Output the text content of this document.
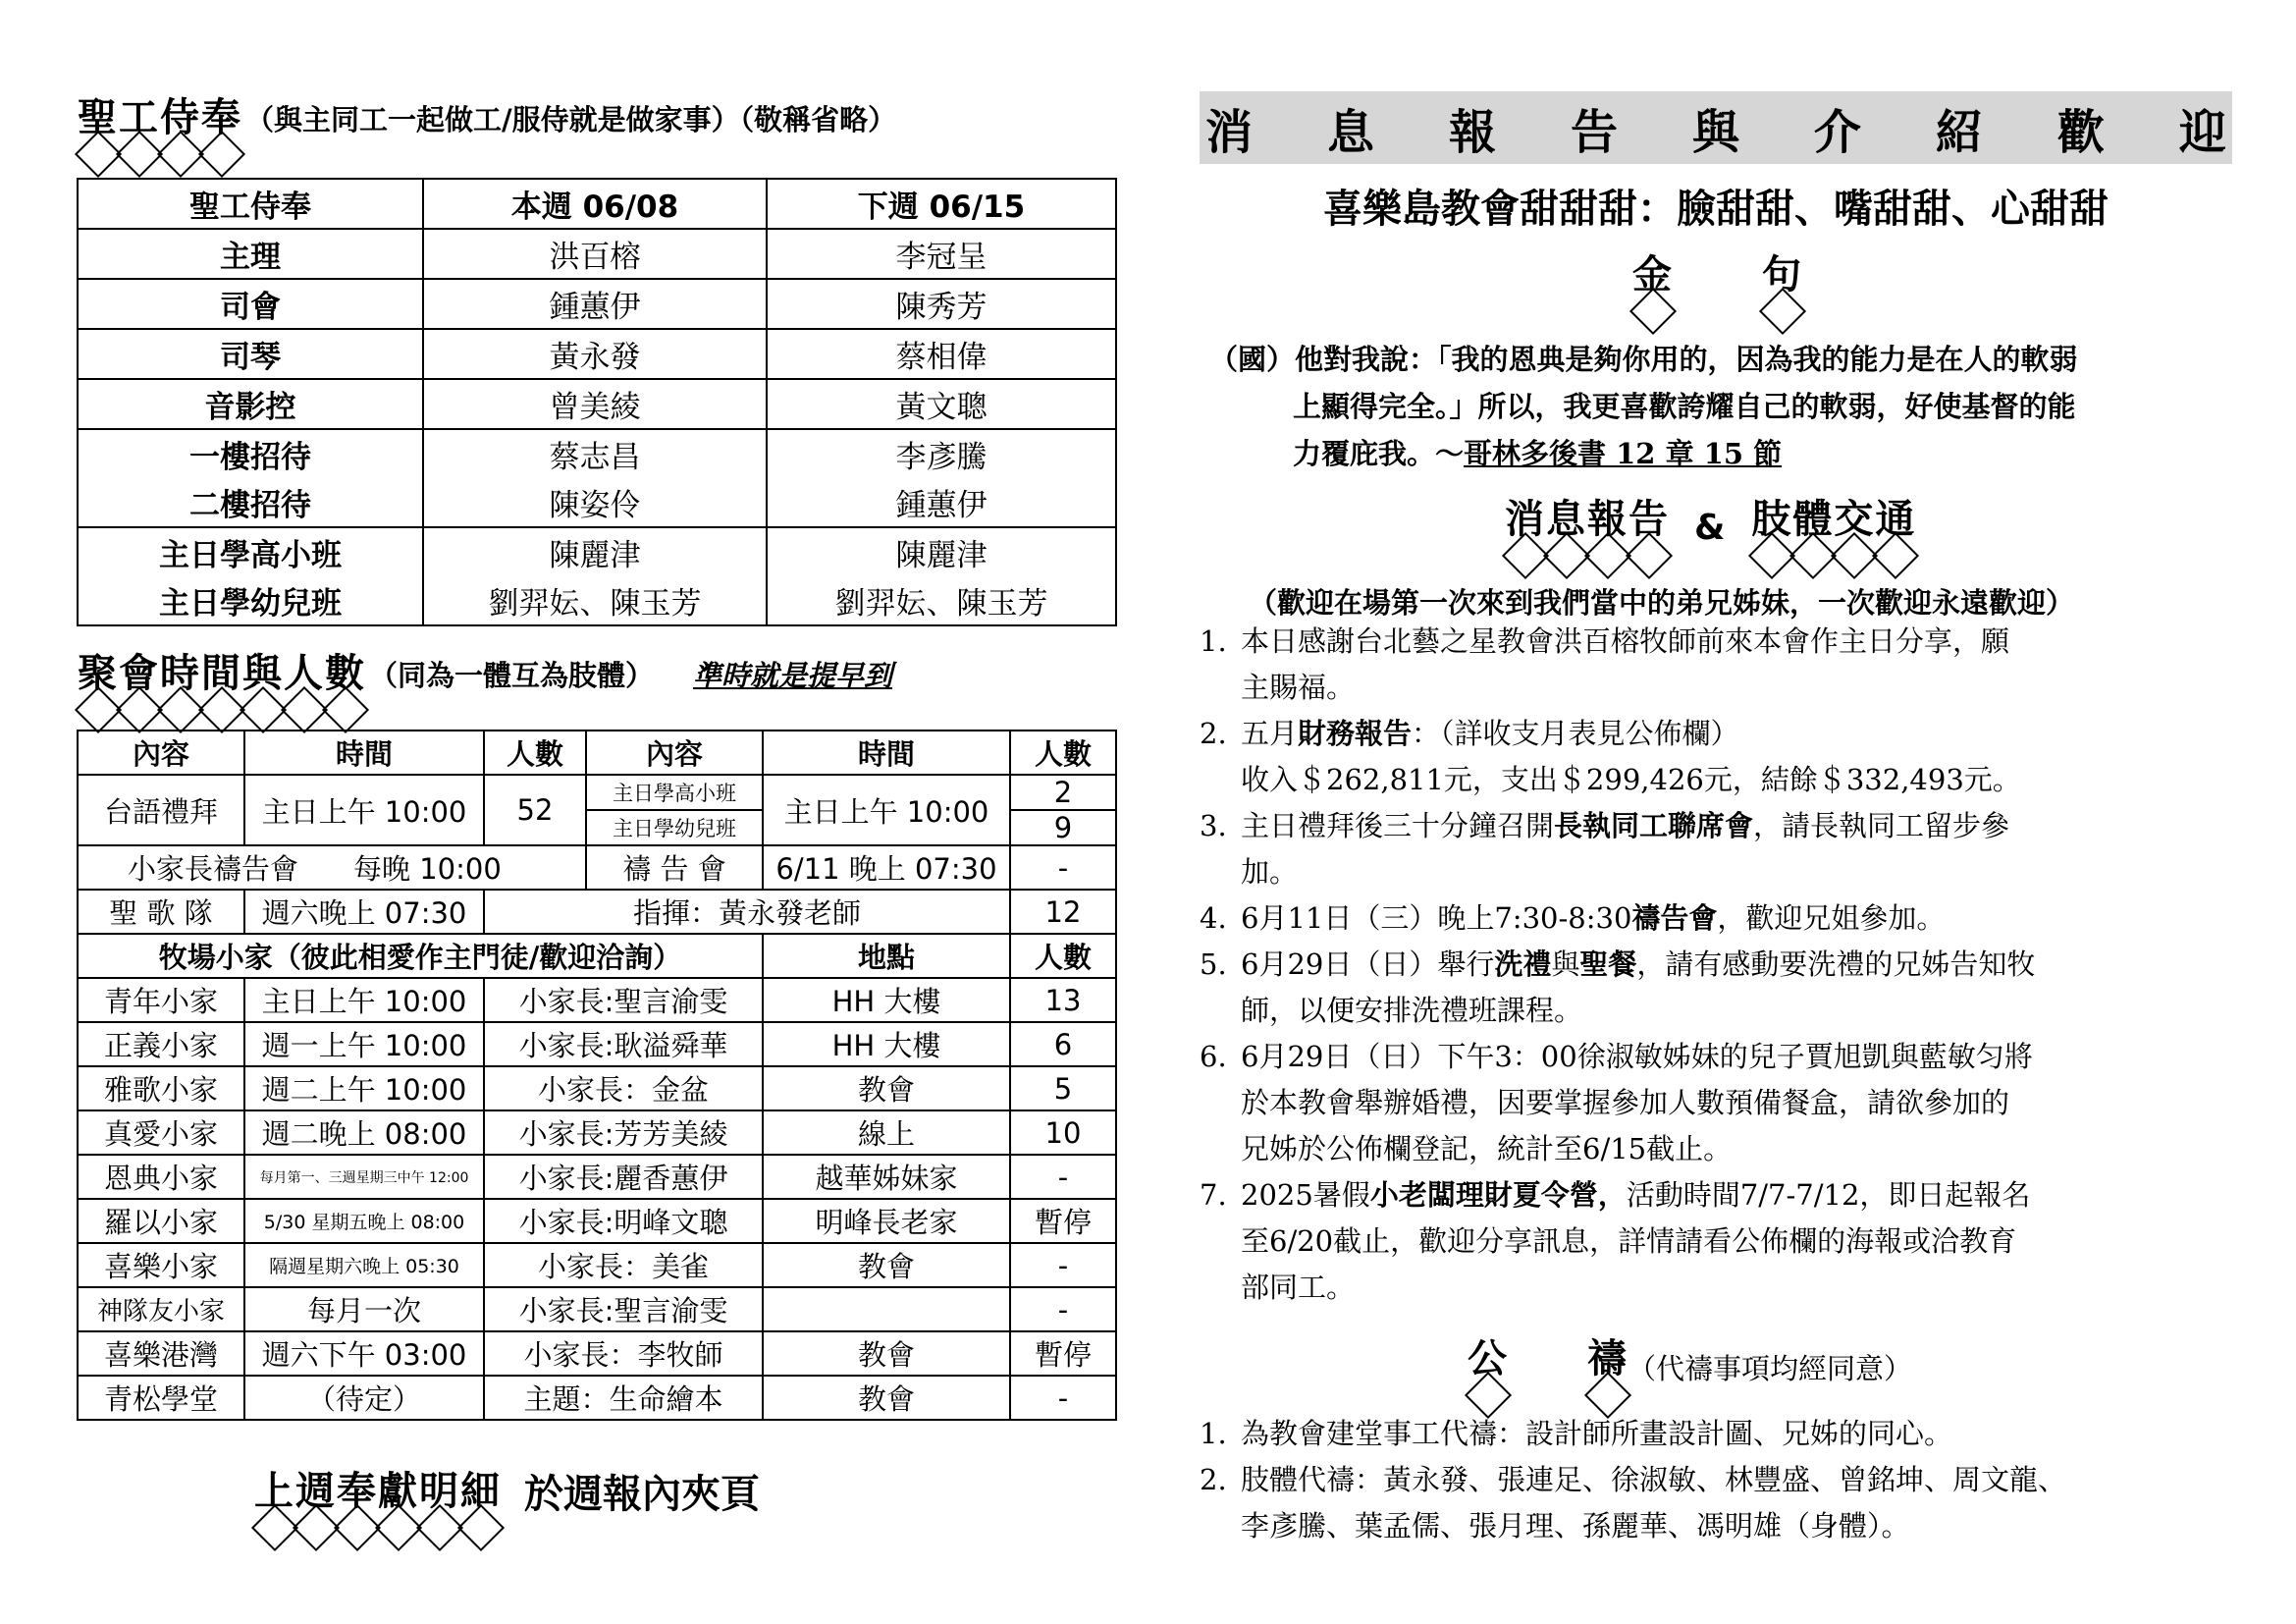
聖
工
侍
奉 （與主同工一起做工/服侍就是做家事）（敬稱省略）
聖工侍奉	本週 06/08	下週 06/15
主理	洪百榕	李冠呈
司會	鍾蕙伊	陳秀芳
司琴	黃永發	蔡相偉
音影控	曾美綾	黃文聰
一樓招待	蔡志昌	李彥騰
二樓招待	陳姿伶	鍾蕙伊
主日學高小班	陳麗津	陳麗津
主日學幼兒班	劉羿妘、陳玉芳	劉羿妘、陳玉芳
聚
會
時
間
與
人
數 （同為一體互為肢體） 準時就是提早到
內容	時間	人數	內容	時間	人數
台語禮拜	主日上午 10:00	52	主日學高小班	主日上午 10:00	2
			主日學幼兒班		9
小家長禱告會 每晚 10:00			禱 告 會	6/11 晚上 07:30	-
聖 歌 隊	週六晚上 07:30	指揮：黃永發老師			12
牧場小家（彼此相愛作主門徒/歡迎洽詢）				地點	人數
青年小家	主日上午 10:00	小家長:聖言渝雯		HH 大樓	13
正義小家	週一上午 10:00	小家長:耿溢舜華		HH 大樓	6
雅歌小家	週二上午 10:00	小家長：金盆		教會	5
真愛小家	週二晚上 08:00	小家長:芳芳美綾		線上	10
恩典小家	每月第一、三週星期三中午 12:00	小家長:麗香蕙伊		越華姊妹家	-
羅以小家	5/30 星期五晚上 08:00	小家長:明峰文聰		明峰長老家	暫停
喜樂小家	隔週星期六晚上 05:30	小家長：美雀		教會	-
神隊友小家	每月一次	小家長:聖言渝雯			-
喜樂港灣	週六下午 03:00	小家長：李牧師		教會	暫停
青松學堂	（待定）	主題：生命繪本		教會	-
上
週
奉
獻
明
細 於週報內夾頁
消 息 報 告 與 介 紹 歡 迎
喜樂島教會甜甜甜：臉甜甜、嘴甜甜、心甜甜
金 句
（國）他對我說：「我的恩典是夠你用的，因為我的能力是在人的軟弱
上顯得完全。」所以，我更喜歡誇耀自己的軟弱，好使基督的能
力覆庇我。～哥林多後書 12 章 15 節
消
息
報
告 & 肢
體
交
通
（歡迎在場第一次來到我們當中的弟兄姊妹，一次歡迎永遠歡迎）
1. 本日感謝台北藝之星教會洪百榕牧師前來本會作主日分享，願
主賜福。
2. 五月財務報告：（詳收支月表見公佈欄）
收入＄262,811元，支出＄299,426元，結餘＄332,493元。
3. 主日禮拜後三十分鐘召開長執同工聯席會，請長執同工留步參
加。
4. 6月11日（三）晚上7:30-8:30禱告會，歡迎兄姐參加。
5. 6月29日（日）舉行洗禮與聖餐，請有感動要洗禮的兄姊告知牧
師，以便安排洗禮班課程。
6. 6月29日（日）下午3：00徐淑敏姊妹的兒子賈旭凱與藍敏匀將
於本教會舉辦婚禮，因要掌握參加人數預備餐盒，請欲參加的
兄姊於公佈欄登記，統計至6/15截止。
7. 2025暑假小老闆理財夏令營，活動時間7/7-7/12，即日起報名
至6/20截止，歡迎分享訊息，詳情請看公佈欄的海報或洽教育
部同工。
公 禱
（代禱事項均經同意）
1. 為教會建堂事工代禱：設計師所畫設計圖、兄姊的同心。
2. 肢體代禱：黃永發、張連足、徐淑敏、林豐盛、曾銘坤、周文龍、
李彥騰、葉孟儒、張月理、孫麗華、馮明雄（身體）。
